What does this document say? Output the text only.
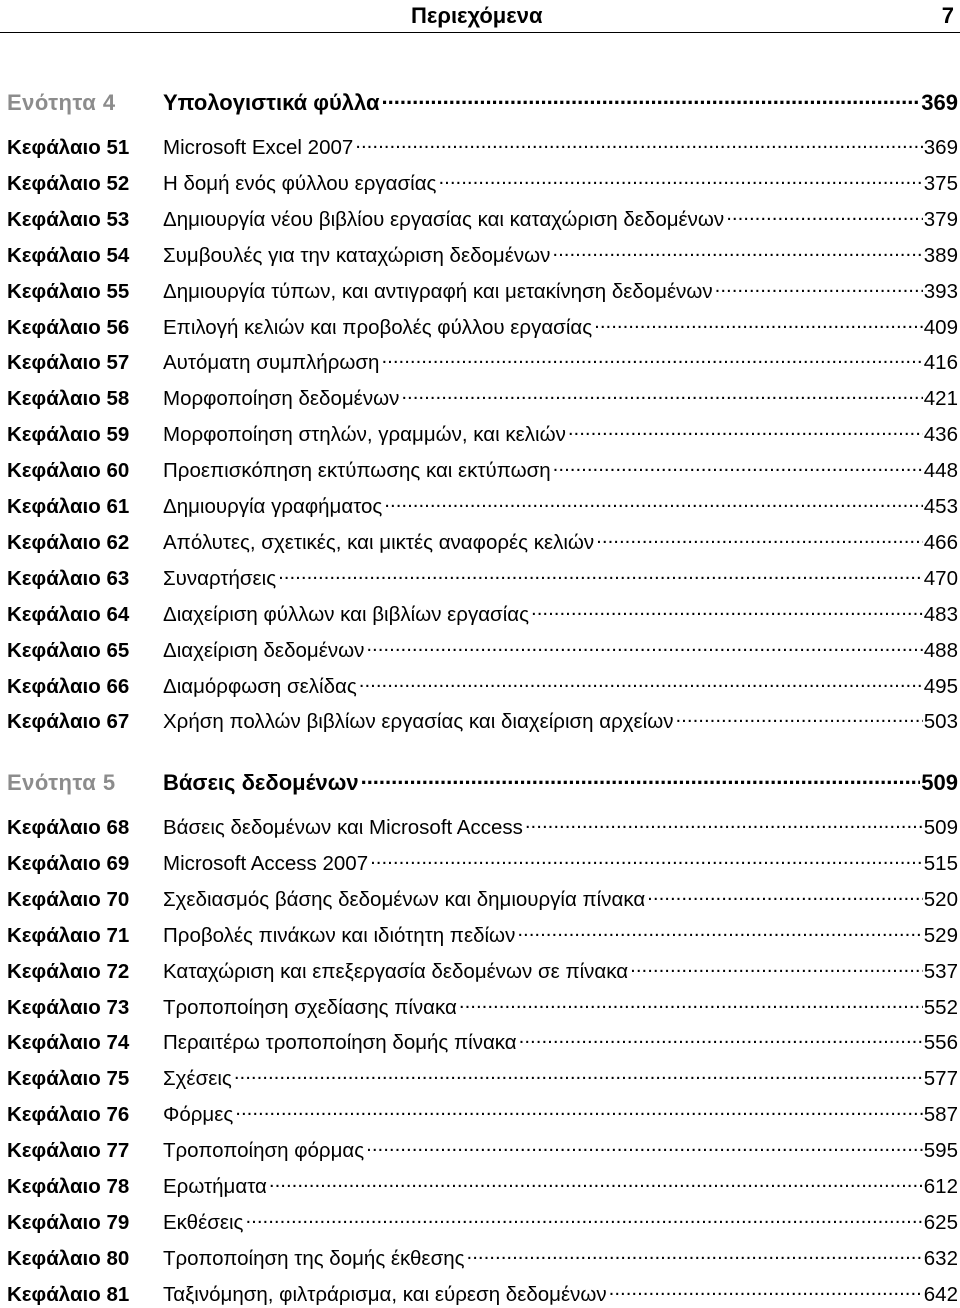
Περιεχόμενα	7
Ενότητα 4	Υπολογιστικά φύλλα .....	369
Κεφάλαιο 51	Microsoft Excel 2007 .....	369
Κεφάλαιο 52	Η δομή ενός φύλλου εργασίας .....	375
Κεφάλαιο 53	Δημιουργία νέου βιβλίου εργασίας και καταχώριση δεδομένων .....	379
Κεφάλαιο 54	Συμβουλές για την καταχώριση δεδομένων .....	389
Κεφάλαιο 55	Δημιουργία τύπων, και αντιγραφή και μετακίνηση δεδομένων .....	393
Κεφάλαιο 56	Επιλογή κελιών και προβολές φύλλου εργασίας .....	409
Κεφάλαιο 57	Αυτόματη συμπλήρωση .....	416
Κεφάλαιο 58	Μορφοποίηση δεδομένων .....	421
Κεφάλαιο 59	Μορφοποίηση στηλών, γραμμών, και κελιών .....	436
Κεφάλαιο 60	Προεπισκόπηση εκτύπωσης και εκτύπωση .....	448
Κεφάλαιο 61	Δημιουργία γραφήματος .....	453
Κεφάλαιο 62	Απόλυτες, σχετικές, και μικτές αναφορές κελιών .....	466
Κεφάλαιο 63	Συναρτήσεις .....	470
Κεφάλαιο 64	Διαχείριση φύλλων και βιβλίων εργασίας .....	483
Κεφάλαιο 65	Διαχείριση δεδομένων .....	488
Κεφάλαιο 66	Διαμόρφωση σελίδας .....	495
Κεφάλαιο 67	Χρήση πολλών βιβλίων εργασίας και διαχείριση αρχείων .....	503
Ενότητα 5	Βάσεις δεδομένων .....	509
Κεφάλαιο 68	Βάσεις δεδομένων και Microsoft Access .....	509
Κεφάλαιο 69	Microsoft Access 2007 .....	515
Κεφάλαιο 70	Σχεδιασμός βάσης δεδομένων και δημιουργία πίνακα .....	520
Κεφάλαιο 71	Προβολές πινάκων και ιδιότητη πεδίων .....	529
Κεφάλαιο 72	Καταχώριση και επεξεργασία δεδομένων σε πίνακα .....	537
Κεφάλαιο 73	Τροποποίηση σχεδίασης πίνακα .....	552
Κεφάλαιο 74	Περαιτέρω τροποποίηση δομής πίνακα .....	556
Κεφάλαιο 75	Σχέσεις .....	577
Κεφάλαιο 76	Φόρμες .....	587
Κεφάλαιο 77	Τροποποίηση φόρμας .....	595
Κεφάλαιο 78	Ερωτήματα .....	612
Κεφάλαιο 79	Εκθέσεις .....	625
Κεφάλαιο 80	Τροποποίηση της δομής έκθεσης .....	632
Κεφάλαιο 81	Ταξινόμηση, φιλτράρισμα, και εύρεση δεδομένων .....	642
